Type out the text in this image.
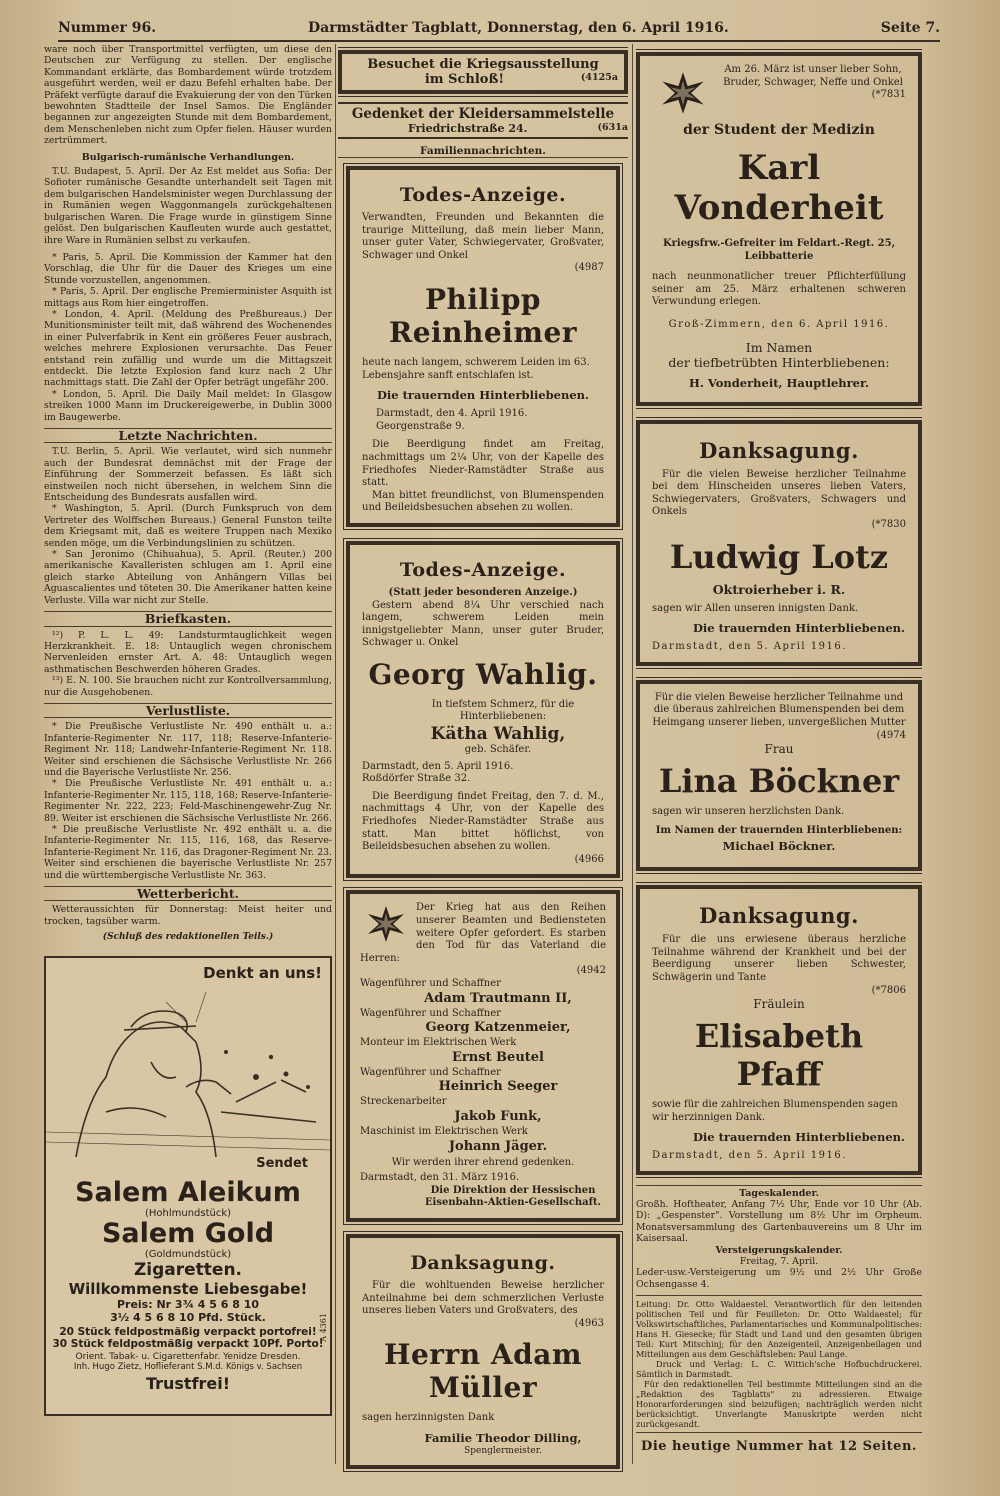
Nummer 96.	Darmstädter Tagblatt, Donnerstag, den 6. April 1916.	Seite 7.

ware noch über Transportmittel verfügten, um diese den Deutschen zur Verfügung zu stellen. Der englische Kommandant erklärte, das Bombardement würde trotzdem ausgeführt werden, weil er dazu Befehl erhalten habe. Der Präfekt verfügte darauf die Evakuierung der von den Türken bewohnten Stadtteile der Insel Samos. Die Engländer begannen zur angezeigten Stunde mit dem Bombardement, dem Menschenleben nicht zum Opfer fielen. Häuser wurden zertrümmert.

Bulgarisch-rumänische Verhandlungen.

T.U. Budapest, 5. April. Der Az Est meldet aus Sofia: Der Sofioter rumänische Gesandte unterhandelt seit Tagen mit dem bulgarischen Handelsminister wegen Durchlassung der in Rumänien wegen Waggonmangels zurückgehaltenen bulgarischen Waren. Die Frage wurde in günstigem Sinne gelöst. Den bulgarischen Kaufleuten wurde auch gestattet, ihre Ware in Rumänien selbst zu verkaufen.

* Paris, 5. April. Die Kommission der Kammer hat den Vorschlag, die Uhr für die Dauer des Krieges um eine Stunde vorzustellen, angenommen.

* Paris, 5. April. Der englische Premierminister Asquith ist mittags aus Rom hier eingetroffen.

* London, 4. April. (Meldung des Preßbureaus.) Der Munitionsminister teilt mit, daß während des Wochenendes in einer Pulverfabrik in Kent ein größeres Feuer ausbrach, welches mehrere Explosionen verursachte. Das Feuer entstand rein zufällig und wurde um die Mittagszeit entdeckt. Die letzte Explosion fand kurz nach 2 Uhr nachmittags statt. Die Zahl der Opfer beträgt ungefähr 200.

* London, 5. April. Die Daily Mail meldet: In Glasgow streiken 1000 Mann im Druckereigewerbe, in Dublin 3000 im Baugewerbe.

Letzte Nachrichten.

T.U. Berlin, 5. April. Wie verlautet, wird sich nunmehr auch der Bundesrat demnächst mit der Frage der Einführung der Sommerzeit befassen. Es läßt sich einstweilen noch nicht übersehen, in welchem Sinn die Entscheidung des Bundesrats ausfallen wird.

* Washington, 5. April. (Durch Funkspruch von dem Vertreter des Wolffschen Bureaus.) General Funston teilte dem Kriegsamt mit, daß es weitere Truppen nach Mexiko senden möge, um die Verbindungslinien zu schützen.

* San Jeronimo (Chihuahua), 5. April. (Reuter.) 200 amerikanische Kavalleristen schlugen am 1. April eine gleich starke Abteilung von Anhängern Villas bei Aguascalientes und töteten 30. Die Amerikaner hatten keine Verluste. Villa war nicht zur Stelle.

Briefkasten.

¹²) P. L. L. 49: Landsturmtauglichkeit wegen Herzkrankheit. E. 18: Untauglich wegen chronischem Nervenleiden ernster Art. A. 48: Untauglich wegen asthmatischen Beschwerden höheren Grades.

¹³) E. N. 100. Sie brauchen nicht zur Kontrollversammlung, nur die Ausgehobenen.

Verlustliste.

* Die Preußische Verlustliste Nr. 490 enthält u. a.: Infanterie-Regimenter Nr. 117, 118; Reserve-Infanterie-Regiment Nr. 118; Landwehr-Infanterie-Regiment Nr. 118. Weiter sind erschienen die Sächsische Verlustliste Nr. 266 und die Bayerische Verlustliste Nr. 256.

* Die Preußische Verlustliste Nr. 491 enthält u. a.: Infanterie-Regimenter Nr. 115, 118, 168; Reserve-Infanterie-Regimenter Nr. 222, 223; Feld-Maschinengewehr-Zug Nr. 89. Weiter ist erschienen die Sächsische Verlustliste Nr. 266.

* Die preußische Verlustliste Nr. 492 enthält u. a. die Infanterie-Regimenter Nr. 115, 116, 168, das Reserve-Infanterie-Regiment Nr. 116, das Dragoner-Regiment Nr. 23. Weiter sind erschienen die bayerische Verlustliste Nr. 257 und die württembergische Verlustliste Nr. 363.

Wetterbericht.

Wetteraussichten für Donnerstag: Meist heiter und trocken, tagsüber warm.

(Schluß des redaktionellen Teils.)
Denkt an uns!
Sendet
Salem Aleikum
(Hohlmundstück)
Salem Gold
(Goldmundstück)
Zigaretten.
Willkommenste Liebesgabe!
Preis: Nr 3¾ 4 5 6 8 10
3½ 4 5 6 8 10 Pfd. Stück.
20 Stück feldpostmäßig verpackt portofrei!
30 Stück feldpostmäßig verpackt 10Pf. Porto!
Orient. Tabak- u. Cigarettenfabr. Yenidze Dresden.
Inh. Hugo Zietz, Hoflieferant S.M.d. Königs v. Sachsen
Trustfrei!
A 4361
Besuchet die Kriegsausstellung
im Schloß!	(4125a
Gedenket der Kleidersammelstelle
Friedrichstraße 24.	(631a
Familiennachrichten.
Todes-Anzeige.

Verwandten, Freunden und Bekannten die traurige Mitteilung, daß mein lieber Mann, unser guter Vater, Schwiegervater, Großvater, Schwager und Onkel

(4987
Philipp Reinheimer

heute nach langem, schwerem Leiden im 63. Lebensjahre sanft entschlafen ist.

Die trauernden Hinterbliebenen.

Darmstadt, den 4. April 1916.

Georgenstraße 9.

Die Beerdigung findet am Freitag, nachmittags um 2¼ Uhr, von der Kapelle des Friedhofes Nieder-Ramstädter Straße aus statt.

Man bittet freundlichst, von Blumenspenden und Beileidsbesuchen absehen zu wollen.

Todes-Anzeige.
(Statt jeder besonderen Anzeige.)

Gestern abend 8¼ Uhr verschied nach langem, schwerem Leiden mein innigstgeliebter Mann, unser guter Bruder, Schwager u. Onkel

Georg Wahlig.

In tiefstem Schmerz, für die Hinterbliebenen:

Kätha Wahlig,

geb. Schäfer.

Darmstadt, den 5. April 1916.

Roßdörfer Straße 32.

Die Beerdigung findet Freitag, den 7. d. M., nachmittags 4 Uhr, von der Kapelle des Friedhofes Nieder-Ramstädter Straße aus statt. Man bittet höflichst, von Beileidsbesuchen absehen zu wollen.

(4966

Der Krieg hat aus den Reihen unserer Beamten und Bediensteten weitere Opfer gefordert. Es starben den Tod für das Vaterland die Herren:

(4942
Wagenführer und Schaffner
Adam Trautmann II,
Wagenführer und Schaffner
Georg Katzenmeier,
Monteur im Elektrischen Werk
Ernst Beutel
Wagenführer und Schaffner
Heinrich Seeger
Streckenarbeiter
Jakob Funk,
Maschinist im Elektrischen Werk
Johann Jäger.

Wir werden ihrer ehrend gedenken.

Darmstadt, den 31. März 1916.

Die Direktion der Hessischen
Eisenbahn-Aktien-Gesellschaft.
Danksagung.

Für die wohltuenden Beweise herzlicher Anteilnahme bei dem schmerzlichen Verluste unseres lieben Vaters und Großvaters, des

(4963
Herrn Adam Müller

sagen herzinnigsten Dank

Familie Theodor Dilling,
Spenglermeister.

Am 26. März ist unser lieber Sohn, Bruder, Schwager, Neffe und Onkel

(*7831
der Student der Medizin
Karl Vonderheit
Kriegsfrw.-Gefreiter im Feldart.-Regt. 25,
Leibbatterie

nach neunmonatlicher treuer Pflichterfüllung seiner am 25. März erhaltenen schweren Verwundung erlegen.

Groß-Zimmern, den 6. April 1916.

Im Namen
der tiefbetrübten Hinterbliebenen:
H. Vonderheit, Hauptlehrer.
Danksagung.

Für die vielen Beweise herzlicher Teilnahme bei dem Hinscheiden unseres lieben Vaters, Schwiegervaters, Großvaters, Schwagers und Onkels

(*7830
Ludwig Lotz
Oktroierheber i. R.

sagen wir Allen unseren innigsten Dank.

Die trauernden Hinterbliebenen.

Darmstadt, den 5. April 1916.

Für die vielen Beweise herzlicher Teilnahme und die überaus zahlreichen Blumenspenden bei dem Heimgang unserer lieben, unvergeßlichen Mutter

(4974
Frau
Lina Böckner

sagen wir unseren herzlichsten Dank.

Im Namen der trauernden Hinterbliebenen:
Michael Böckner.
Danksagung.

Für die uns erwiesene überaus herzliche Teilnahme während der Krankheit und bei der Beerdigung unserer lieben Schwester, Schwägerin und Tante

(*7806
Fräulein
Elisabeth Pfaff

sowie für die zahlreichen Blumenspenden sagen wir herzinnigen Dank.

Die trauernden Hinterbliebenen.

Darmstadt, den 5. April 1916.

Tageskalender.

Großh. Hoftheater, Anfang 7½ Uhr, Ende vor 10 Uhr (Ab. D): „Gespenster". Vorstellung um 8½ Uhr im Orpheum. Monatsversammlung des Gartenbauvereins um 8 Uhr im Kaisersaal.

Versteigerungskalender.
Freitag, 7. April.

Leder-usw.-Versteigerung um 9½ und 2½ Uhr Große Ochsengasse 4.

Leitung: Dr. Otto Waldaestel. Verantwortlich für den leitenden politischen Teil und für Feuilleton: Dr. Otto Waldaestel; für Volkswirtschaftliches, Parlamentarisches und Kommunalpolitisches: Hans H. Giesecke; für Stadt und Land und den gesamten übrigen Teil: Kurt Mitschinj; für den Anzeigenteil, Anzeigenbeilagen und Mitteilungen aus dem Geschäftsleben: Paul Lange.

Druck und Verlag: L. C. Wittich'sche Hofbuchdruckerei. Sämtlich in Darmstadt.

Für den redaktionellen Teil bestimmte Mitteilungen sind an die „Redaktion des Tagblatts" zu adressieren. Etwaige Honorarforderungen sind beizufügen; nachträglich werden nicht berücksichtigt. Unverlangte Manuskripte werden nicht zurückgesandt.

Die heutige Nummer hat 12 Seiten.
